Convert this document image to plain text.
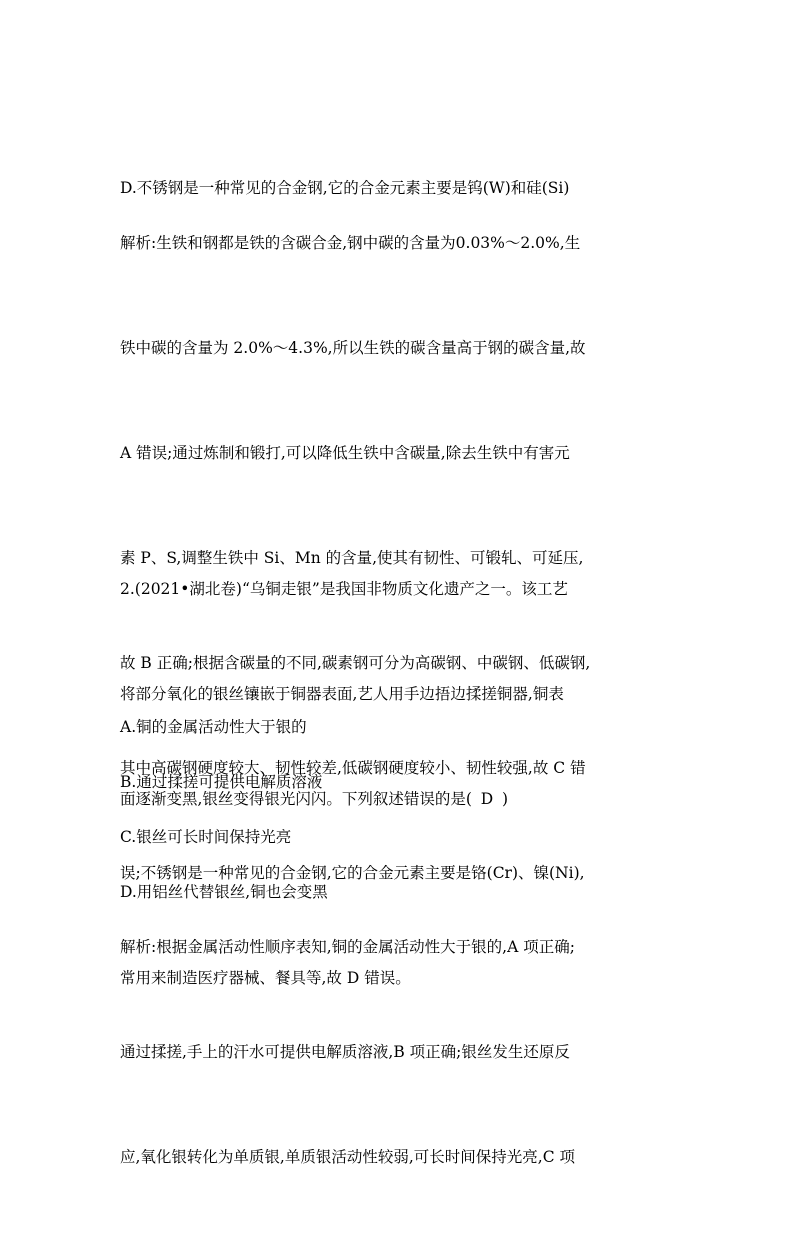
D.不锈钢是一种常见的合金钢,它的合金元素主要是钨(W)和硅(Si)

解析:生铁和钢都是铁的含碳合金,钢中碳的含量为0.03%～2.0%,生

铁中碳的含量为 2.0%～4.3%,所以生铁的碳含量高于钢的碳含量,故

A 错误;通过炼制和锻打,可以降低生铁中含碳量,除去生铁中有害元

素 P、S,调整生铁中 Si、Mn 的含量,使其有韧性、可锻轧、可延压,

故 B 正确;根据含碳量的不同,碳素钢可分为高碳钢、中碳钢、低碳钢,

其中高碳钢硬度较大、韧性较差,低碳钢硬度较小、韧性较强,故 C 错

误;不锈钢是一种常见的合金钢,它的合金元素主要是铬(Cr)、镍(Ni),

常用来制造医疗器械、餐具等,故 D 错误。

2.(2021•湖北卷)“乌铜走银”是我国非物质文化遗产之一。该工艺

将部分氧化的银丝镶嵌于铜器表面,艺人用手边捂边揉搓铜器,铜表

面逐渐变黑,银丝变得银光闪闪。下列叙述错误的是( D )

A.铜的金属活动性大于银的

B.通过揉搓可提供电解质溶液

C.银丝可长时间保持光亮

D.用铝丝代替银丝,铜也会变黑

解析:根据金属活动性顺序表知,铜的金属活动性大于银的,A 项正确;

通过揉搓,手上的汗水可提供电解质溶液,B 项正确;银丝发生还原反

应,氧化银转化为单质银,单质银活动性较弱,可长时间保持光亮,C 项
